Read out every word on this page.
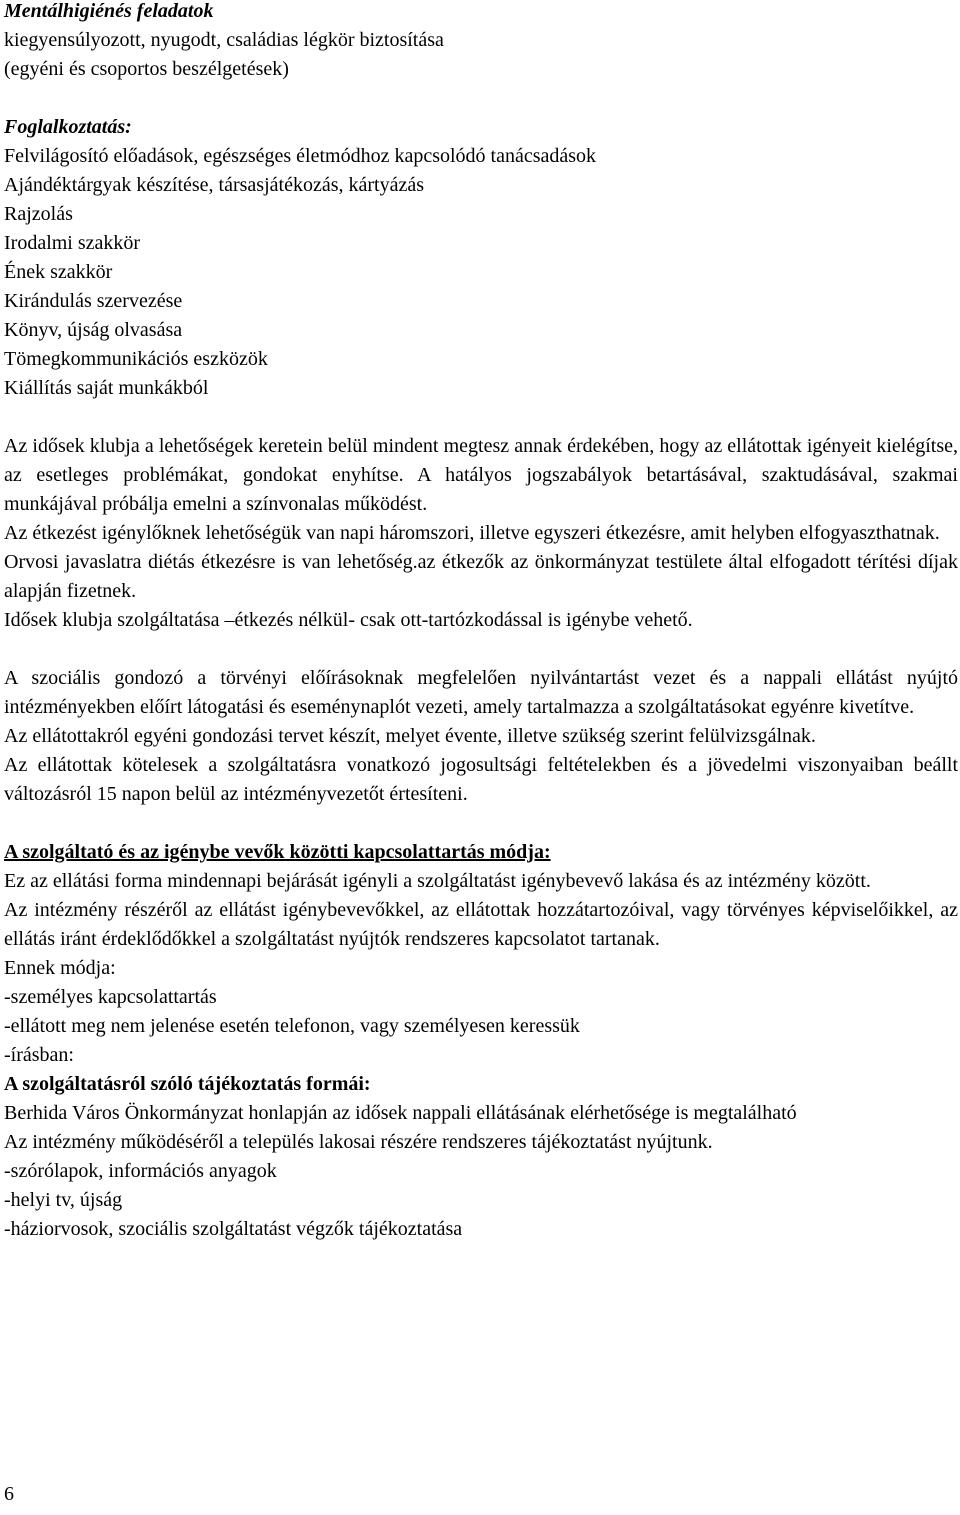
Mentálhigiénés feladatok
kiegyensúlyozott, nyugodt, családias légkör biztosítása
(egyéni és csoportos beszélgetések)
Foglalkoztatás:
Felvilágosító előadások, egészséges életmódhoz kapcsolódó tanácsadások
Ajándéktárgyak készítése, társasjátékozás, kártyázás
Rajzolás
Irodalmi szakkör
Ének szakkör
Kirándulás szervezése
Könyv, újság olvasása
Tömegkommunikációs eszközök
Kiállítás saját munkákból

Az idősek klubja a lehetőségek keretein belül mindent megtesz annak érdekében, hogy az ellátottak igényeit kielégítse, az esetleges problémákat, gondokat enyhítse. A hatályos jogszabályok betartásával, szaktudásával, szakmai munkájával próbálja emelni a színvonalas működést.

Az étkezést igénylőknek lehetőségük van napi háromszori, illetve egyszeri étkezésre, amit helyben elfogyaszthatnak.

Orvosi javaslatra diétás étkezésre is van lehetőség.az étkezők az önkormányzat testülete által elfogadott térítési díjak alapján fizetnek.

Idősek klubja szolgáltatása –étkezés nélkül- csak ott-tartózkodással is igénybe vehető.

A szociális gondozó a törvényi előírásoknak megfelelően nyilvántartást vezet és a nappali ellátást nyújtó intézményekben előírt látogatási és eseménynaplót vezeti, amely tartalmazza a szolgáltatásokat egyénre kivetítve.

Az ellátottakról egyéni gondozási tervet készít, melyet évente, illetve szükség szerint felülvizsgálnak.

Az ellátottak kötelesek a szolgáltatásra vonatkozó jogosultsági feltételekben és a jövedelmi viszonyaiban beállt változásról 15 napon belül az intézményvezetőt értesíteni.

A szolgáltató és az igénybe vevők közötti kapcsolattartás módja:

Ez az ellátási forma mindennapi bejárását igényli a szolgáltatást igénybevevő lakása és az intézmény között.

Az intézmény részéről az ellátást igénybevevőkkel, az ellátottak hozzátartozóival, vagy törvényes képviselőikkel, az ellátás iránt érdeklődőkkel a szolgáltatást nyújtók rendszeres kapcsolatot tartanak.

Ennek módja:
-személyes kapcsolattartás
-ellátott meg nem jelenése esetén telefonon, vagy személyesen keressük
-írásban:
A szolgáltatásról szóló tájékoztatás formái:

Berhida Város Önkormányzat honlapján az idősek nappali ellátásának elérhetősége is megtalálható

Az intézmény működéséről a település lakosai részére rendszeres tájékoztatást nyújtunk.
-szórólapok, információs anyagok
-helyi tv, újság
-háziorvosok, szociális szolgáltatást végzők tájékoztatása
6
